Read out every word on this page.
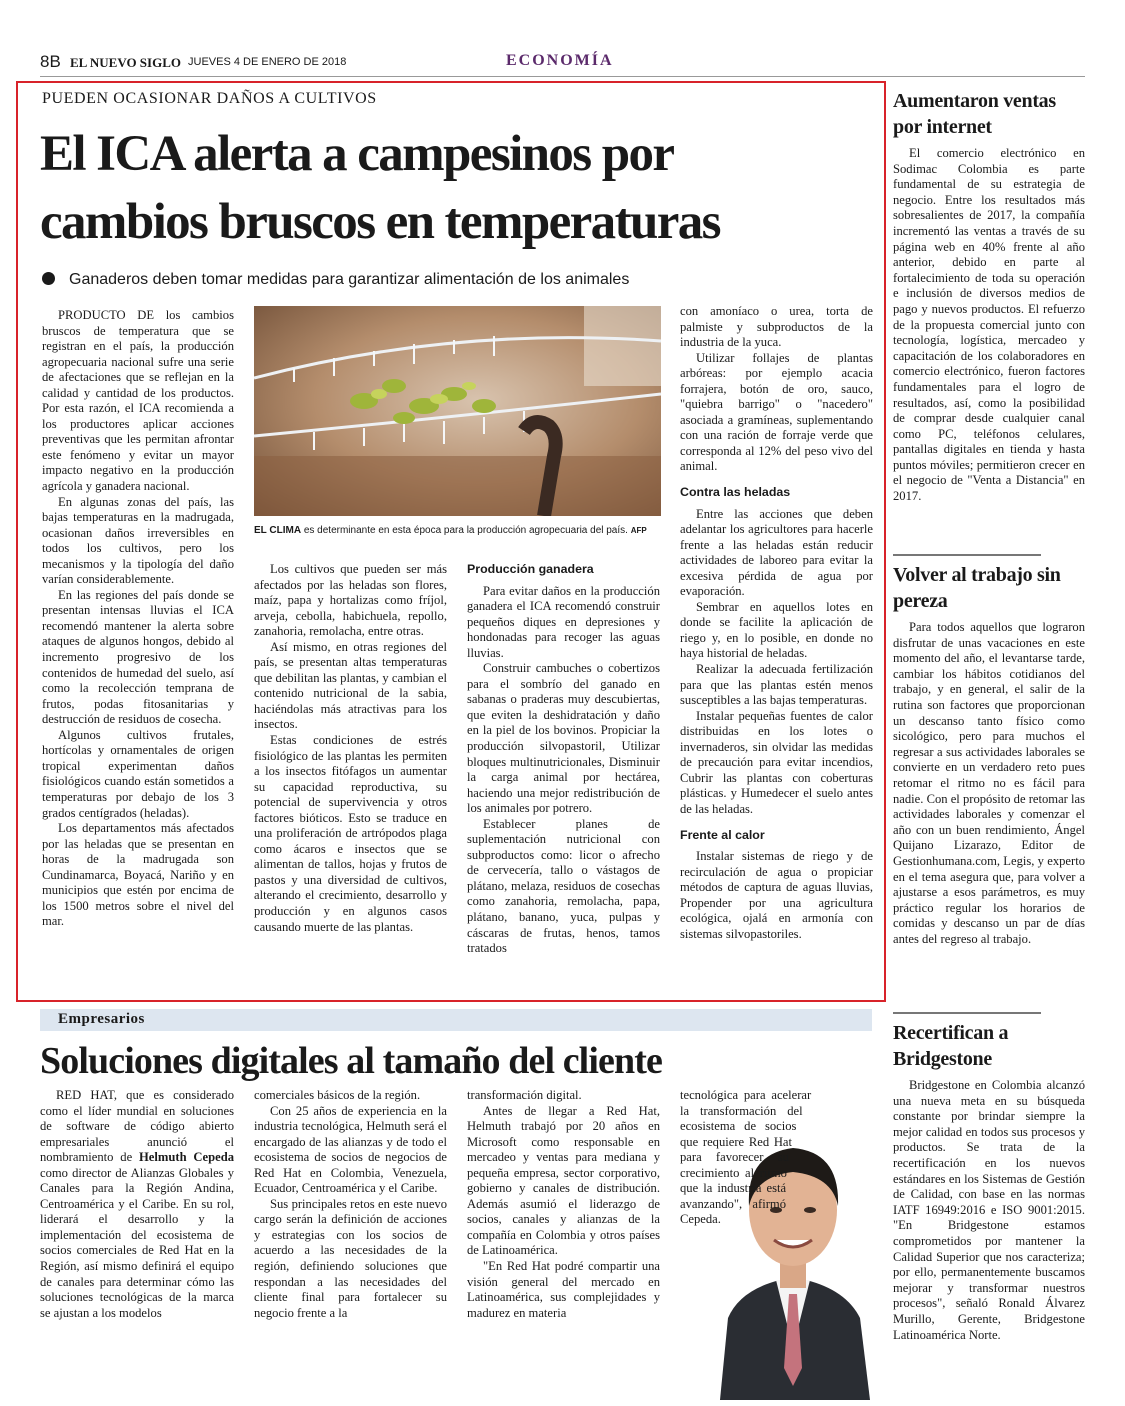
8B EL NUEVO SIGLO JUEVES 4 DE ENERO DE 2018	ECONOMÍA
PUEDEN OCASIONAR DAÑOS A CULTIVOS
El ICA alerta a campesinos por
cambios bruscos en temperaturas
Ganaderos deben tomar medidas para garantizar alimentación de los animales

PRODUCTO DE los cambios bruscos de temperatura que se registran en el país, la producción agropecuaria nacional sufre una serie de afectaciones que se reflejan en la calidad y cantidad de los productos. Por esta razón, el ICA recomienda a los productores aplicar acciones preventivas que les permitan afrontar este fenómeno y evitar un mayor impacto negativo en la producción agrícola y ganadera nacional.

En algunas zonas del país, las bajas temperaturas en la madrugada, ocasionan daños irreversibles en todos los cultivos, pero los mecanismos y la tipología del daño varían considerablemente.

En las regiones del país donde se presentan intensas lluvias el ICA recomendó mantener la alerta sobre ataques de algunos hongos, debido al incremento progresivo de los contenidos de humedad del suelo, así como la recolección temprana de frutos, podas fitosanitarias y destrucción de residuos de cosecha.

Algunos cultivos frutales, hortícolas y ornamentales de origen tropical experimentan daños fisiológicos cuando están sometidos a temperaturas por debajo de los 3 grados centígrados (heladas).

Los departamentos más afectados por las heladas que se presentan en horas de la madrugada son Cundinamarca, Boyacá, Nariño y en municipios que estén por encima de los 1500 metros sobre el nivel del mar.

EL CLIMA es determinante en esta época para la producción agropecuaria del país. AFP

Los cultivos que pueden ser más afectados por las heladas son flores, maíz, papa y hortalizas como fríjol, arveja, cebolla, habichuela, repollo, zanahoria, remolacha, entre otras.

Así mismo, en otras regiones del país, se presentan altas temperaturas que debilitan las plantas, y cambian el contenido nutricional de la sabia, haciéndolas más atractivas para los insectos.

Estas condiciones de estrés fisiológico de las plantas les permiten a los insectos fitófagos un aumentar su capacidad reproductiva, su potencial de supervivencia y otros factores bióticos. Esto se traduce en una proliferación de artrópodos plaga como ácaros e insectos que se alimentan de tallos, hojas y frutos de pastos y una diversidad de cultivos, alterando el crecimiento, desarrollo y producción y en algunos casos causando muerte de las plantas.

Producción ganadera

Para evitar daños en la producción ganadera el ICA recomendó construir pequeños diques en depresiones y hondonadas para recoger las aguas lluvias.

Construir cambuches o cobertizos para el sombrío del ganado en sabanas o praderas muy descubiertas, que eviten la deshidratación y daño en la piel de los bovinos. Propiciar la producción silvopastoril, Utilizar bloques multinutricionales, Disminuir la carga animal por hectárea, haciendo una mejor redistribución de los animales por potrero.

Establecer planes de suplementación nutricional con subproductos como: licor o afrecho de cervecería, tallo o vástagos de plátano, melaza, residuos de cosechas como zanahoria, remolacha, papa, plátano, banano, yuca, pulpas y cáscaras de frutas, henos, tamos tratados

con amoníaco o urea, torta de palmiste y subproductos de la industria de la yuca.

Utilizar follajes de plantas arbóreas: por ejemplo acacia forrajera, botón de oro, sauco, "quiebra barrigo" o "nacedero" asociada a gramíneas, suplementando con una ración de forraje verde que corresponda al 12% del peso vivo del animal.

Contra las heladas

Entre las acciones que deben adelantar los agricultores para hacerle frente a las heladas están reducir actividades de laboreo para evitar la excesiva pérdida de agua por evaporación.

Sembrar en aquellos lotes en donde se facilite la aplicación de riego y, en lo posible, en donde no haya historial de heladas.

Realizar la adecuada fertilización para que las plantas estén menos susceptibles a las bajas temperaturas.

Instalar pequeñas fuentes de calor distribuidas en los lotes o invernaderos, sin olvidar las medidas de precaución para evitar incendios, Cubrir las plantas con coberturas plásticas. y Humedecer el suelo antes de las heladas.

Frente al calor

Instalar sistemas de riego y de recirculación de agua o propiciar métodos de captura de aguas lluvias, Propender por una agricultura ecológica, ojalá en armonía con sistemas silvopastoriles.

Aumentaron ventas por internet

El comercio electrónico en Sodimac Colombia es parte fundamental de su estrategia de negocio. Entre los resultados más sobresalientes de 2017, la compañía incrementó las ventas a través de su página web en 40% frente al año anterior, debido en parte al fortalecimiento de toda su operación e inclusión de diversos medios de pago y nuevos productos. El refuerzo de la propuesta comercial junto con tecnología, logística, mercadeo y capacitación de los colaboradores en comercio electrónico, fueron factores fundamentales para el logro de resultados, así, como la posibilidad de comprar desde cualquier canal como PC, teléfonos celulares, pantallas digitales en tienda y hasta puntos móviles; permitieron crecer en el negocio de "Venta a Distancia" en 2017.

Volver al trabajo sin pereza

Para todos aquellos que lograron disfrutar de unas vacaciones en este momento del año, el levantarse tarde, cambiar los hábitos cotidianos del trabajo, y en general, el salir de la rutina son factores que proporcionan un descanso tanto físico como sicológico, pero para muchos el regresar a sus actividades laborales se convierte en un verdadero reto pues retomar el ritmo no es fácil para nadie. Con el propósito de retomar las actividades laborales y comenzar el año con un buen rendimiento, Ángel Quijano Lizarazo, Editor de Gestionhumana.com, Legis, y experto en el tema asegura que, para volver a ajustarse a esos parámetros, es muy práctico regular los horarios de comidas y descanso un par de días antes del regreso al trabajo.

Recertifican a Bridgestone

Bridgestone en Colombia alcanzó una nueva meta en su búsqueda constante por brindar siempre la mejor calidad en todos sus procesos y productos. Se trata de la recertificación en los nuevos estándares en los Sistemas de Gestión de Calidad, con base en las normas IATF 16949:2016 e ISO 9001:2015. "En Bridgestone estamos comprometidos por mantener la Calidad Superior que nos caracteriza; por ello, permanentemente buscamos mejorar y transformar nuestros procesos", señaló Ronald Álvarez Murillo, Gerente, Bridgestone Latinoamérica Norte.

Empresarios
Soluciones digitales al tamaño del cliente

RED HAT, que es considerado como el líder mundial en soluciones de software de código abierto empresariales anunció el nombramiento de Helmuth Cepeda como director de Alianzas Globales y Canales para la Región Andina, Centroamérica y el Caribe. En su rol, liderará el desarrollo y la implementación del ecosistema de socios comerciales de Red Hat en la Región, así mismo definirá el equipo de canales para determinar cómo las soluciones tecnológicas de la marca se ajustan a los modelos

comerciales básicos de la región.

Con 25 años de experiencia en la industria tecnológica, Helmuth será el encargado de las alianzas y de todo el ecosistema de socios de negocios de Red Hat en Colombia, Venezuela, Ecuador, Centroamérica y el Caribe.

Sus principales retos en este nuevo cargo serán la definición de acciones y estrategias con los socios de acuerdo a las necesidades de la región, definiendo soluciones que respondan a las necesidades del cliente final para fortalecer su negocio frente a la

transformación digital.

Antes de llegar a Red Hat, Helmuth trabajó por 20 años en Microsoft como responsable en mercadeo y ventas para mediana y pequeña empresa, sector corporativo, gobierno y canales de distribución. Además asumió el liderazgo de socios, canales y alianzas de la compañía en Colombia y otros países de Latinoamérica.

"En Red Hat podré compartir una visión general del mercado en Latinoamérica, sus complejidades y madurez en materia

tecnológica para acelerar la transformación del ecosistema de socios que requiere Red Hat para favorecer su crecimiento al ritmo que la industria está avanzando", afirmó Cepeda.
